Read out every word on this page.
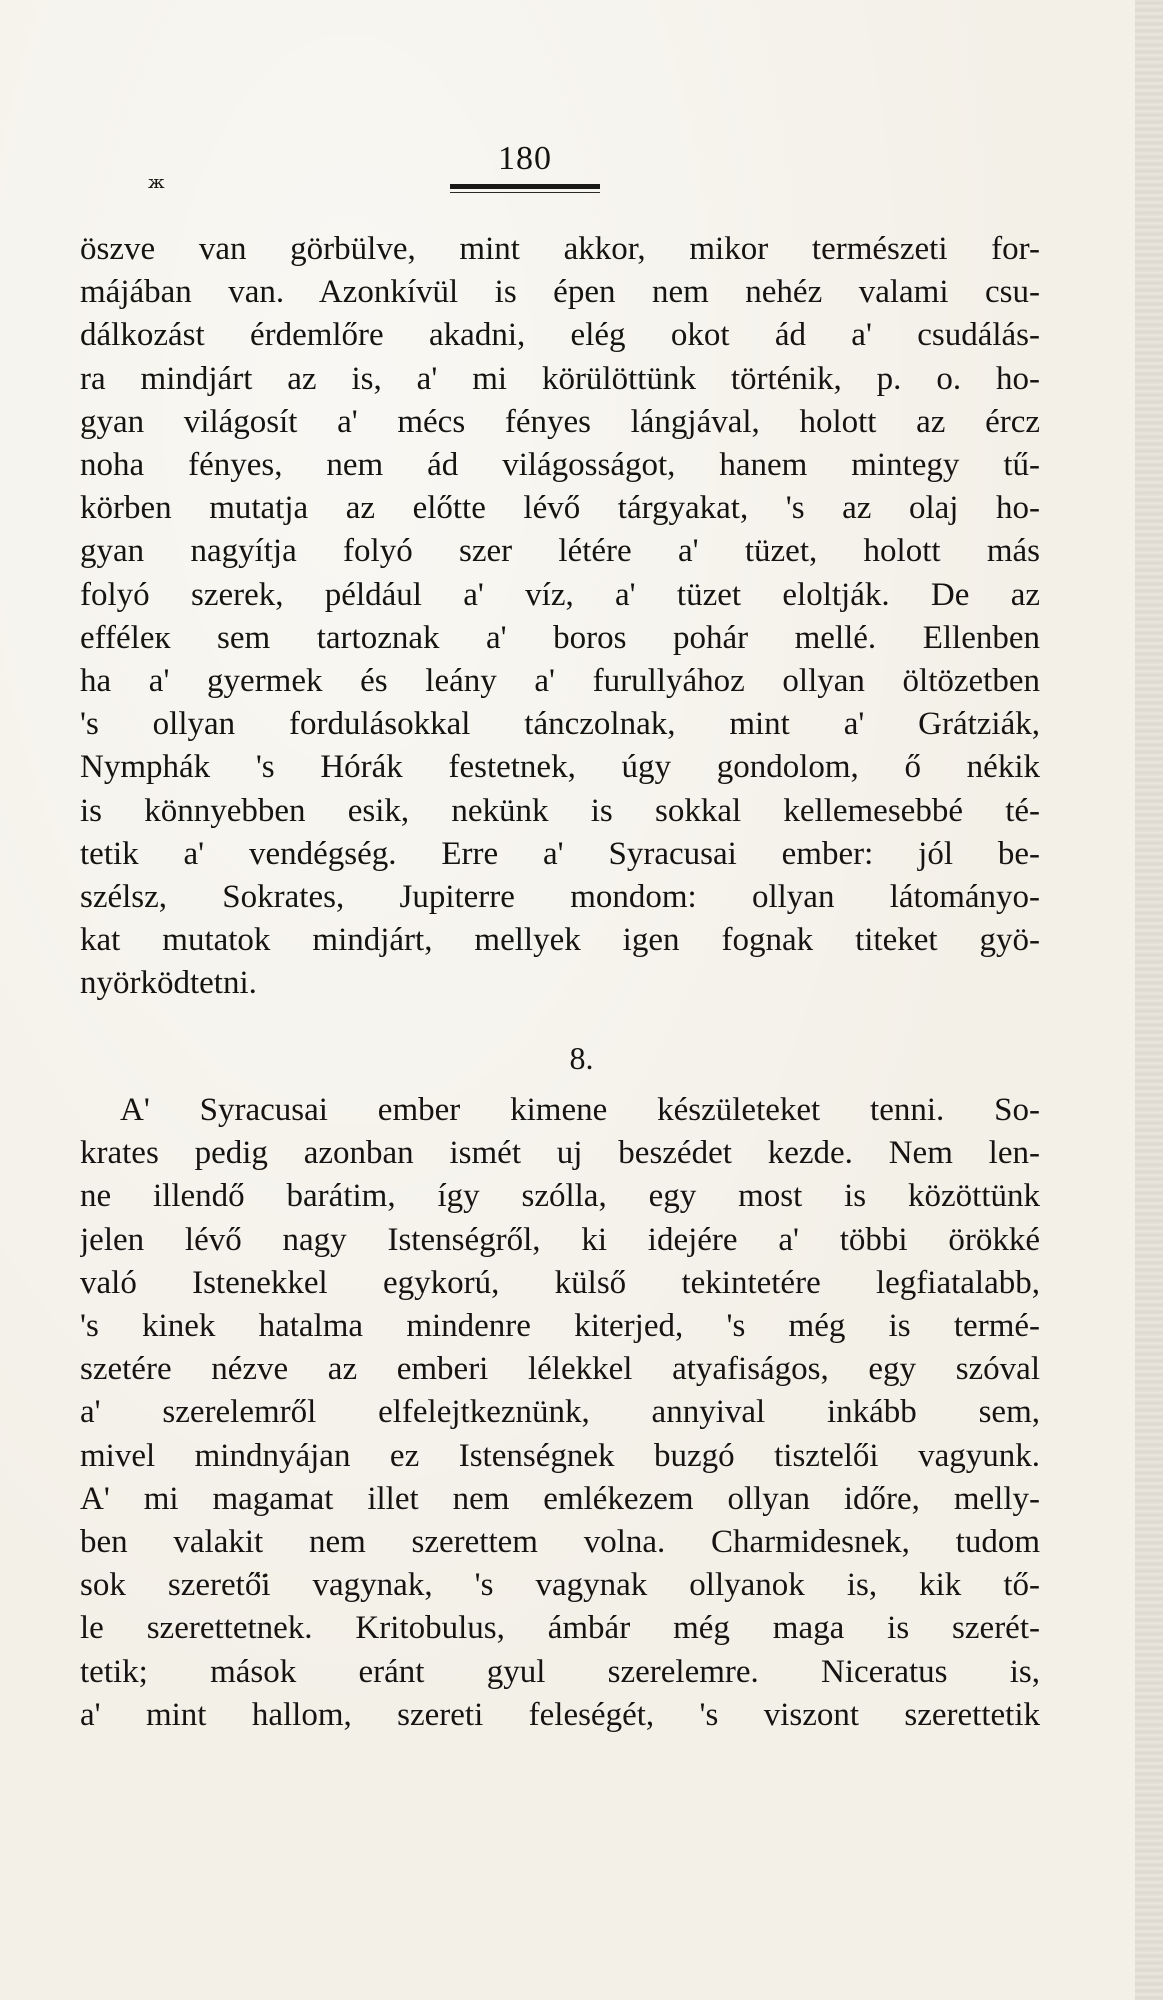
ж
180
öszve van görbülve, mint akkor, mikor természeti for-
májában van. Azonkívül is épen nem nehéz valami csu-
dálkozást érdemlőre akadni, elég okot ád a' csudálás-
ra mindjárt az is, a' mi körülöttünk történik, p. o. ho-
gyan világosít a' mécs fényes lángjával, holott az ércz
noha fényes, nem ád világosságot, hanem mintegy tű-
körben mutatja az előtte lévő tárgyakat, 's az olaj ho-
gyan nagyítja folyó szer létére a' tüzet, holott más
folyó szerek, például a' víz, a' tüzet eloltják. De az
efféleк sem tartoznak a' boros pohár mellé. Ellenben
ha a' gyermek és leány a' furullyához ollyan öltözetben
's ollyan fordulásokkal tánczolnak, mint a' Grátziák,
Nymphák 's Hórák festetnek, úgy gondolom, ő nékik
is könnyebben esik, nekünk is sokkal kellemesebbé té-
tetik a' vendégség. Erre a' Syracusai ember: jól be-
szélsz, Sokrates, Jupiterre mondom: ollyan látományo-
kat mutatok mindjárt, mellyek igen fognak titeket gyö-
nyörködtetni.
8.
A' Syracusai ember kimene készületeket tenni. So-
krates pedig azonban ismét uj beszédet kezde. Nem len-
ne illendő barátim, így szólla, egy most is közöttünk
jelen lévő nagy Istenségről, ki idejére a' többi örökké
való Istenekkel egykorú, külső tekintetére legfiatalabb,
's kinek hatalma mindenre kiterjed, 's még is termé-
szetére nézve az emberi lélekkel atyafiságos, egy szóval
a' szerelemről elfelejtkeznünk, annyival inkább sem,
mivel mindnyájan ez Istenségnek buzgó tisztelői vagyunk.
A' mi magamat illet nem emlékezem ollyan időre, melly-
ben valakit nem szerettem volna. Charmidesnek, tudom
sok szerető̈i vagynak, 's vagynak ollyanok is, kik tő-
le szerettetnek. Kritobulus, ámbár még maga is szerét-
tetik; mások eránt gyul szerelemre. Niceratus is,
a' mint hallom, szereti feleségét, 's viszont szerettetik
